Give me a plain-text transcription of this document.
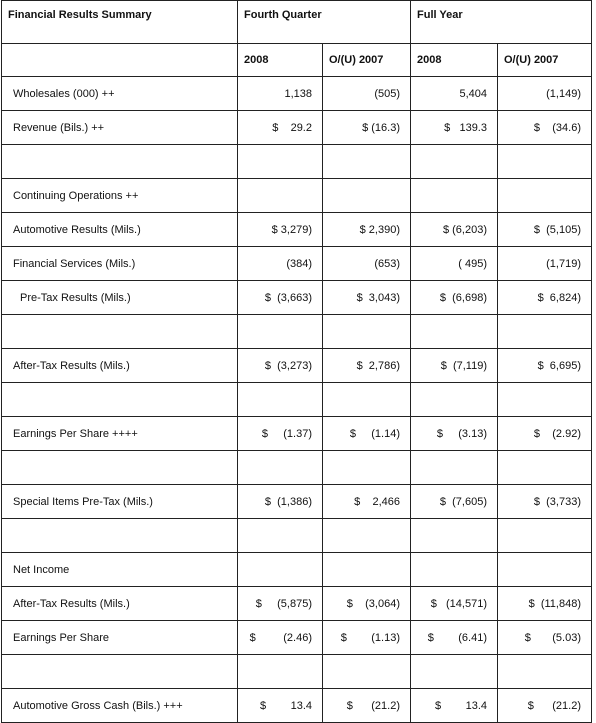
Financial Results Summary	Fourth Quarter		Full Year	
	2008	O/(U) 2007	2008	O/(U) 2007
Wholesales (000) ++	1,138	(505)	5,404	(1,149)
Revenue (Bils.) ++	$    29.2	$ (16.3)	$   139.3	$    (34.6)

Continuing Operations ++				
Automotive Results (Mils.)	$ 3,279)	$ 2,390)	$ (6,203)	$  (5,105)
Financial Services (Mils.)	(384)	(653)	( 495)	(1,719)
Pre-Tax Results (Mils.)	$  (3,663)	$  3,043)	$  (6,698)	$  6,824)

After-Tax Results (Mils.)	$  (3,273)	$  2,786)	$  (7,119)	$  6,695)

Earnings Per Share ++++	$     (1.37)	$     (1.14)	$     (3.13)	$    (2.92)

Special Items Pre-Tax (Mils.)	$  (1,386)	$    2,466	$  (7,605)	$  (3,733)

Net Income				
After-Tax Results (Mils.)	$     (5,875)	$    (3,064)	$   (14,571)	$  (11,848)
Earnings Per Share	$         (2.46)	$        (1.13)	$        (6.41)	$       (5.03)

Automotive Gross Cash (Bils.) +++	$        13.4	$      (21.2)	$        13.4	$      (21.2)
